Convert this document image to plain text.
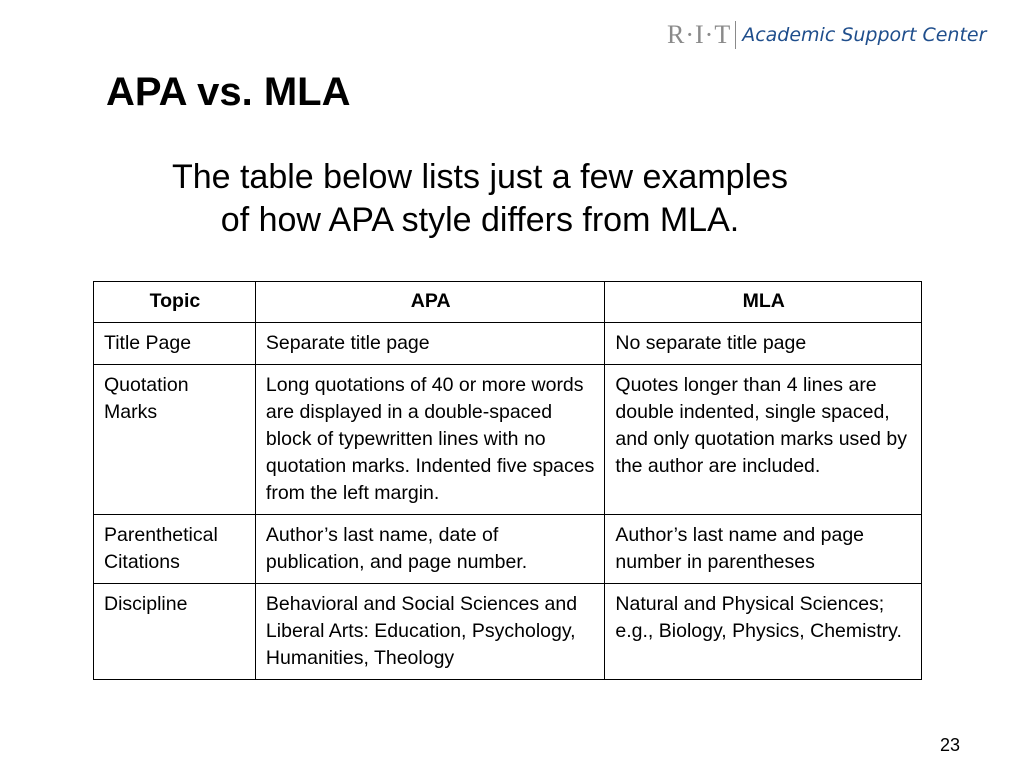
R·I·T Academic Support Center
APA vs. MLA
The table below lists just a few examples
of how APA style differs from MLA.
Topic	APA	MLA
Title Page	Separate title page	No separate title page
Quotation Marks	Long quotations of 40 or more words are displayed in a double-spaced block of typewritten lines with no quotation marks. Indented five spaces from the left margin.	Quotes longer than 4 lines are double indented, single spaced, and only quotation marks used by the author are included.
Parenthetical Citations	Author’s last name, date of publication, and page number.	Author’s last name and page number in parentheses
Discipline	Behavioral and Social Sciences and Liberal Arts: Education, Psychology, Humanities, Theology	Natural and Physical Sciences; e.g., Biology, Physics, Chemistry.
23
